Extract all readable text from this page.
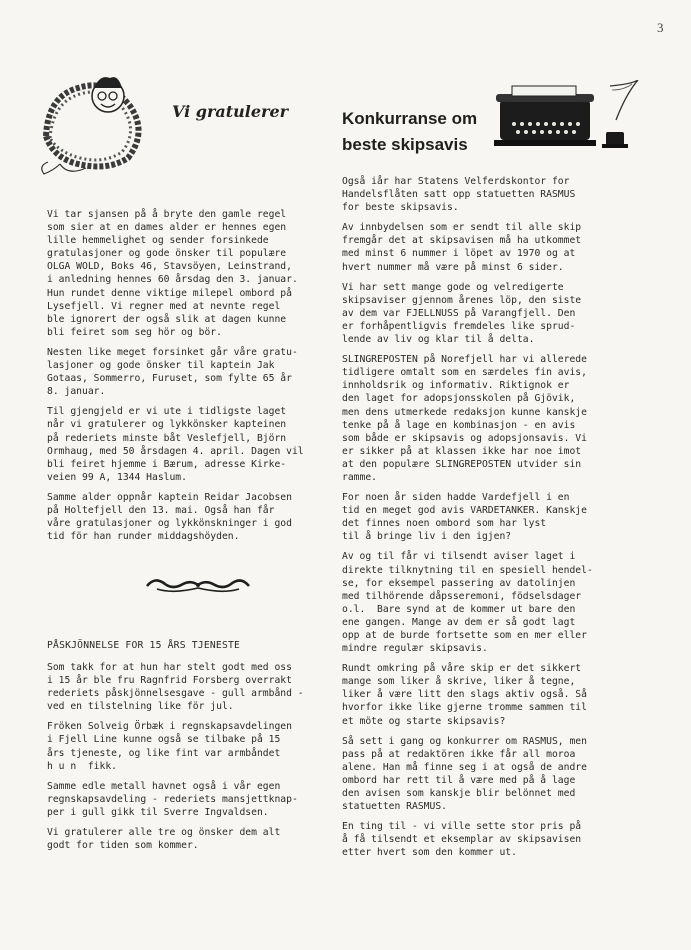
3
Vi gratulerer	Konkurranse om
beste skipsavis

Vi tar sjansen på å bryte den gamle regel
som sier at en dames alder er hennes egen
lille hemmelighet og sender forsinkede
gratulasjoner og gode önsker til populære
OLGA WOLD, Boks 46, Stavsöyen, Leinstrand,
i anledning hennes 60 årsdag den 3. januar.
Hun rundet denne viktige milepel ombord på
Lysefjell. Vi regner med at nevnte regel
ble ignorert der også slik at dagen kunne
bli feiret som seg hör og bör.

Nesten like meget forsinket går våre gratu-
lasjoner og gode önsker til kaptein Jak
Gotaas, Sommerro, Furuset, som fylte 65 år
8. januar.

Til gjengjeld er vi ute i tidligste laget
når vi gratulerer og lykkönsker kapteinen
på rederiets minste båt Veslefjell, Björn
Ormhaug, med 50 årsdagen 4. april. Dagen vil
bli feiret hjemme i Bærum, adresse Kirke-
veien 99 A, 1344 Haslum.

Samme alder oppnår kaptein Reidar Jacobsen
på Holtefjell den 13. mai. Også han får
våre gratulasjoner og lykkönskninger i god
tid för han runder middagshöyden.

PÅSKJÖNNELSE FOR 15 ÅRS TJENESTE

Som takk for at hun har stelt godt med oss
i 15 år ble fru Ragnfrid Forsberg overrakt
rederiets påskjönnelsesgave - gull armbånd -
ved en tilstelning like för jul.

Fröken Solveig Örbæk i regnskapsavdelingen
i Fjell Line kunne også se tilbake på 15
års tjeneste, og like fint var armbåndet
h u n  fikk.

Samme edle metall havnet også i vår egen
regnskapsavdeling - rederiets mansjettknap-
per i gull gikk til Sverre Ingvaldsen.

Vi gratulerer alle tre og önsker dem alt
godt for tiden som kommer.

Også iår har Statens Velferdskontor for
Handelsflåten satt opp statuetten RASMUS
for beste skipsavis.

Av innbydelsen som er sendt til alle skip
fremgår det at skipsavisen må ha utkommet
med minst 6 nummer i löpet av 1970 og at
hvert nummer må være på minst 6 sider.

Vi har sett mange gode og velredigerte
skipsaviser gjennom årenes löp, den siste
av dem var FJELLNUSS på Varangfjell. Den
er forhåpentligvis fremdeles like sprud-
lende av liv og klar til å delta.

SLINGREPOSTEN på Norefjell har vi allerede
tidligere omtalt som en særdeles fin avis,
innholdsrik og informativ. Riktignok er
den laget for adopsjonsskolen på Gjövik,
men dens utmerkede redaksjon kunne kanskje
tenke på å lage en kombinasjon - en avis
som både er skipsavis og adopsjonsavis. Vi
er sikker på at klassen ikke har noe imot
at den populære SLINGREPOSTEN utvider sin
ramme.

For noen år siden hadde Vardefjell i en
tid en meget god avis VARDETANKER. Kanskje
det finnes noen ombord som har lyst
til å bringe liv i den igjen?

Av og til får vi tilsendt aviser laget i
direkte tilknytning til en spesiell hendel-
se, for eksempel passering av datolinjen
med tilhörende dåpsseremoni, födselsdager
o.l.  Bare synd at de kommer ut bare den
ene gangen. Mange av dem er så godt lagt
opp at de burde fortsette som en mer eller
mindre regulær skipsavis.

Rundt omkring på våre skip er det sikkert
mange som liker å skrive, liker å tegne,
liker å være litt den slags aktiv også. Så
hvorfor ikke like gjerne tromme sammen til
et möte og starte skipsavis?

Så sett i gang og konkurrer om RASMUS, men
pass på at redaktören ikke får all moroa
alene. Han må finne seg i at også de andre
ombord har rett til å være med på å lage
den avisen som kanskje blir belönnet med
statuetten RASMUS.

En ting til - vi ville sette stor pris på
å få tilsendt et eksemplar av skipsavisen
etter hvert som den kommer ut.
